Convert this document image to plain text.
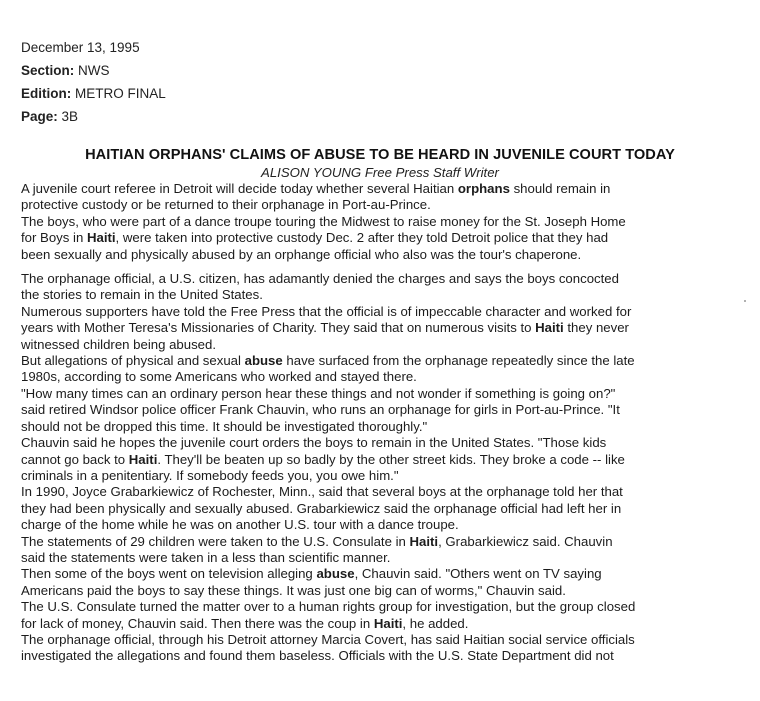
December 13, 1995
Section: NWS
Edition: METRO FINAL
Page: 3B
HAITIAN ORPHANS' CLAIMS OF ABUSE TO BE HEARD IN JUVENILE COURT TODAY
ALISON YOUNG Free Press Staff Writer
A juvenile court referee in Detroit will decide today whether several Haitian orphans should remain in
protective custody or be returned to their orphanage in Port-au-Prince.
The boys, who were part of a dance troupe touring the Midwest to raise money for the St. Joseph Home
for Boys in Haiti, were taken into protective custody Dec. 2 after they told Detroit police that they had
been sexually and physically abused by an orphange official who also was the tour's chaperone.
The orphanage official, a U.S. citizen, has adamantly denied the charges and says the boys concocted
the stories to remain in the United States.
Numerous supporters have told the Free Press that the official is of impeccable character and worked for
years with Mother Teresa's Missionaries of Charity. They said that on numerous visits to Haiti they never
witnessed children being abused.
But allegations of physical and sexual abuse have surfaced from the orphanage repeatedly since the late
1980s, according to some Americans who worked and stayed there.
"How many times can an ordinary person hear these things and not wonder if something is going on?"
said retired Windsor police officer Frank Chauvin, who runs an orphanage for girls in Port-au-Prince. "It
should not be dropped this time. It should be investigated thoroughly."
Chauvin said he hopes the juvenile court orders the boys to remain in the United States. "Those kids
cannot go back to Haiti. They'll be beaten up so badly by the other street kids. They broke a code -- like
criminals in a penitentiary. If somebody feeds you, you owe him."
In 1990, Joyce Grabarkiewicz of Rochester, Minn., said that several boys at the orphanage told her that
they had been physically and sexually abused. Grabarkiewicz said the orphanage official had left her in
charge of the home while he was on another U.S. tour with a dance troupe.
The statements of 29 children were taken to the U.S. Consulate in Haiti, Grabarkiewicz said. Chauvin
said the statements were taken in a less than scientific manner.
Then some of the boys went on television alleging abuse, Chauvin said. "Others went on TV saying
Americans paid the boys to say these things. It was just one big can of worms," Chauvin said.
The U.S. Consulate turned the matter over to a human rights group for investigation, but the group closed
for lack of money, Chauvin said. Then there was the coup in Haiti, he added.
The orphanage official, through his Detroit attorney Marcia Covert, has said Haitian social service officials
investigated the allegations and found them baseless. Officials with the U.S. State Department did not
